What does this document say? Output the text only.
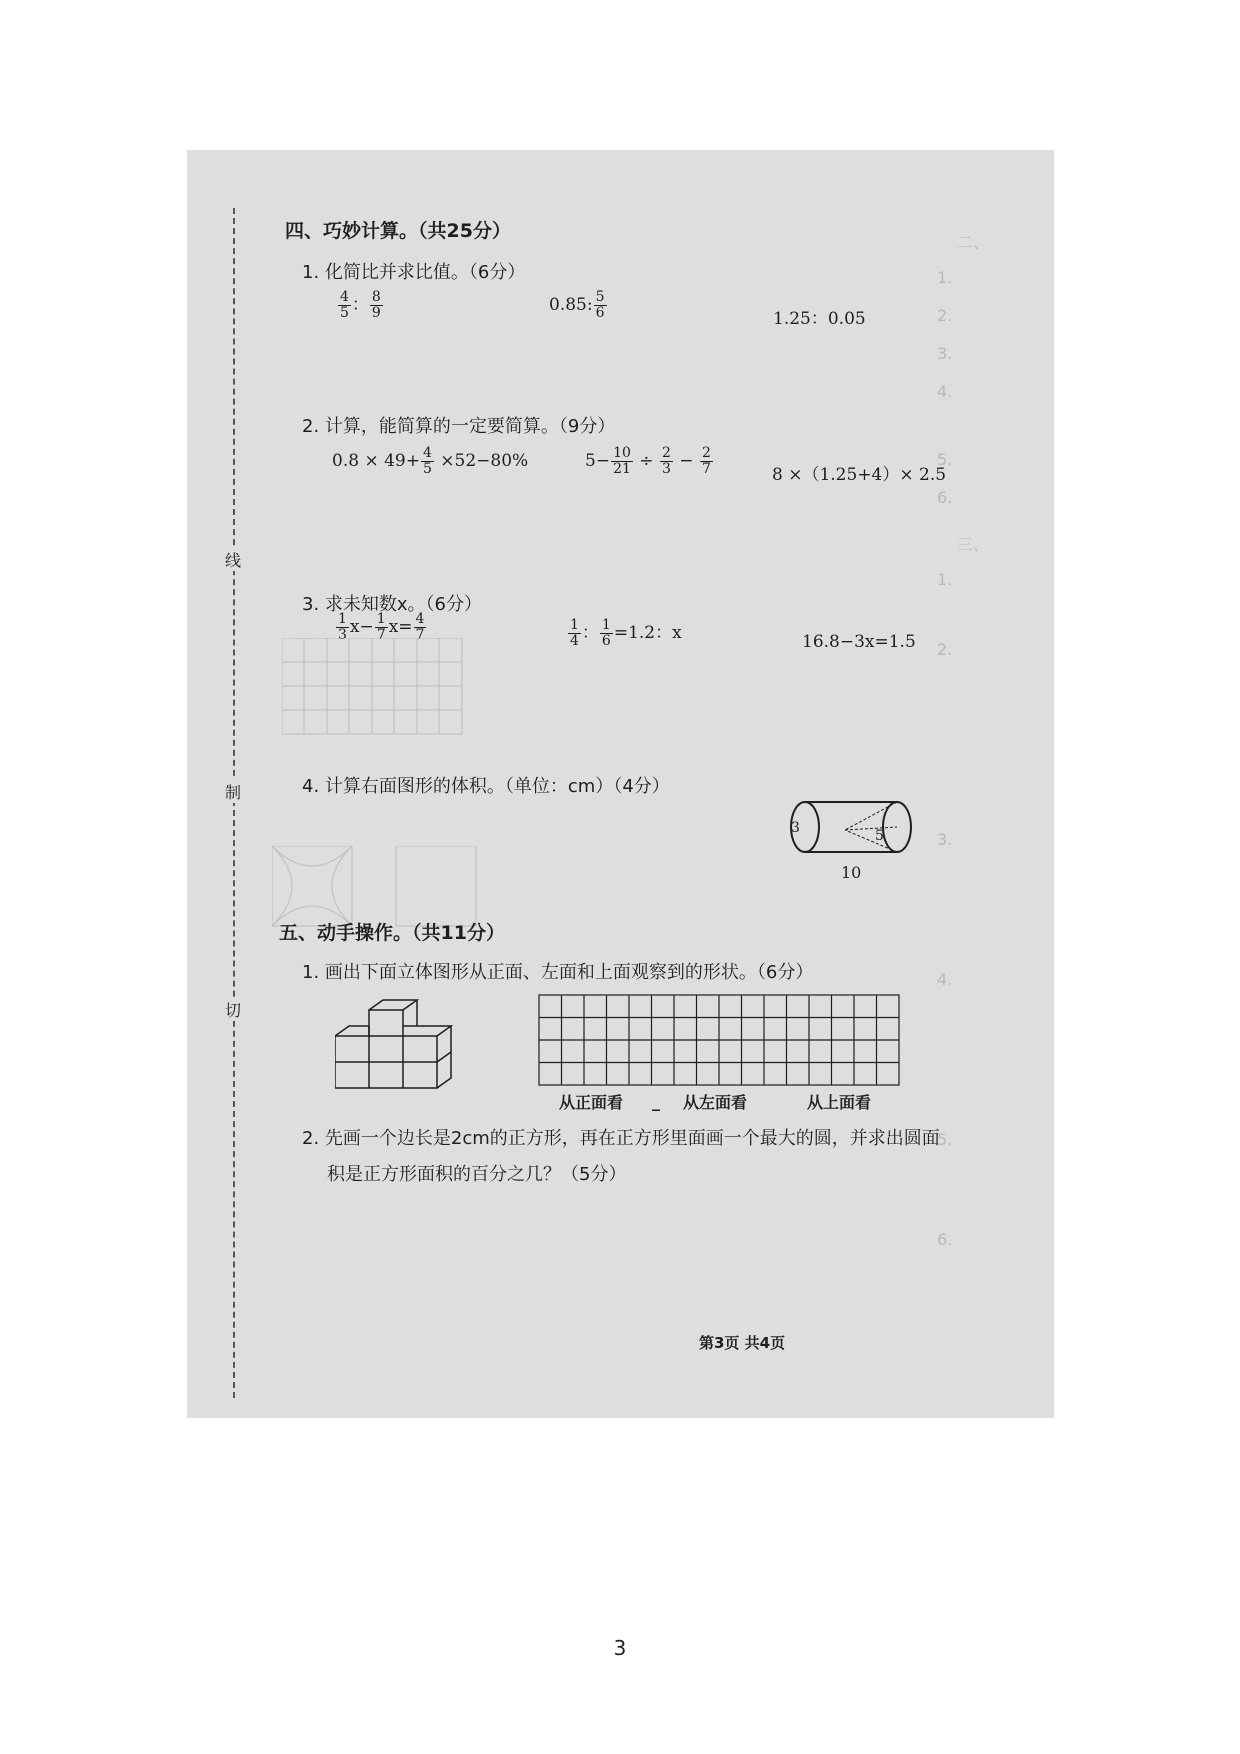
二、
1.
2.
3.
4.
5.
6.
三、
1.
2.
3.
4.
5.
6.
线
制
切
四、巧妙计算。（共25分）
1. 化简比并求比值。（6分）
$\frac{4}{5}$ ： $\frac{8}{9}$	0.85: $\frac{5}{6}$	1.25：0.05
2. 计算，能简算的一定要简算。（9分）
$0.8 \times 49+ \frac{4}{5} \times 52-80\%$	$5- \frac{10}{21} \div \frac{2}{3} - \frac{2}{7}$	8 ×（1.25+4）× 2.5
3. 求未知数x。（6分）
$\frac{1}{3} x- \frac{1}{7} x= \frac{4}{7}$	$\frac{1}{4}$ ： $\frac{1}{6} =1.2$：x	16.8−3x=1.5
4. 计算右面图形的体积。（单位：cm）（4分）
3	5
10
五、动手操作。（共11分）
1. 画出下面立体图形从正面、左面和上面观察到的形状。（6分）
从正面看 _ 从左面看	从上面看
2. 先画一个边长是2cm的正方形，再在正方形里面画一个最大的圆，并求出圆面
积是正方形面积的百分之几？（5分）
第3页 共4页
3
